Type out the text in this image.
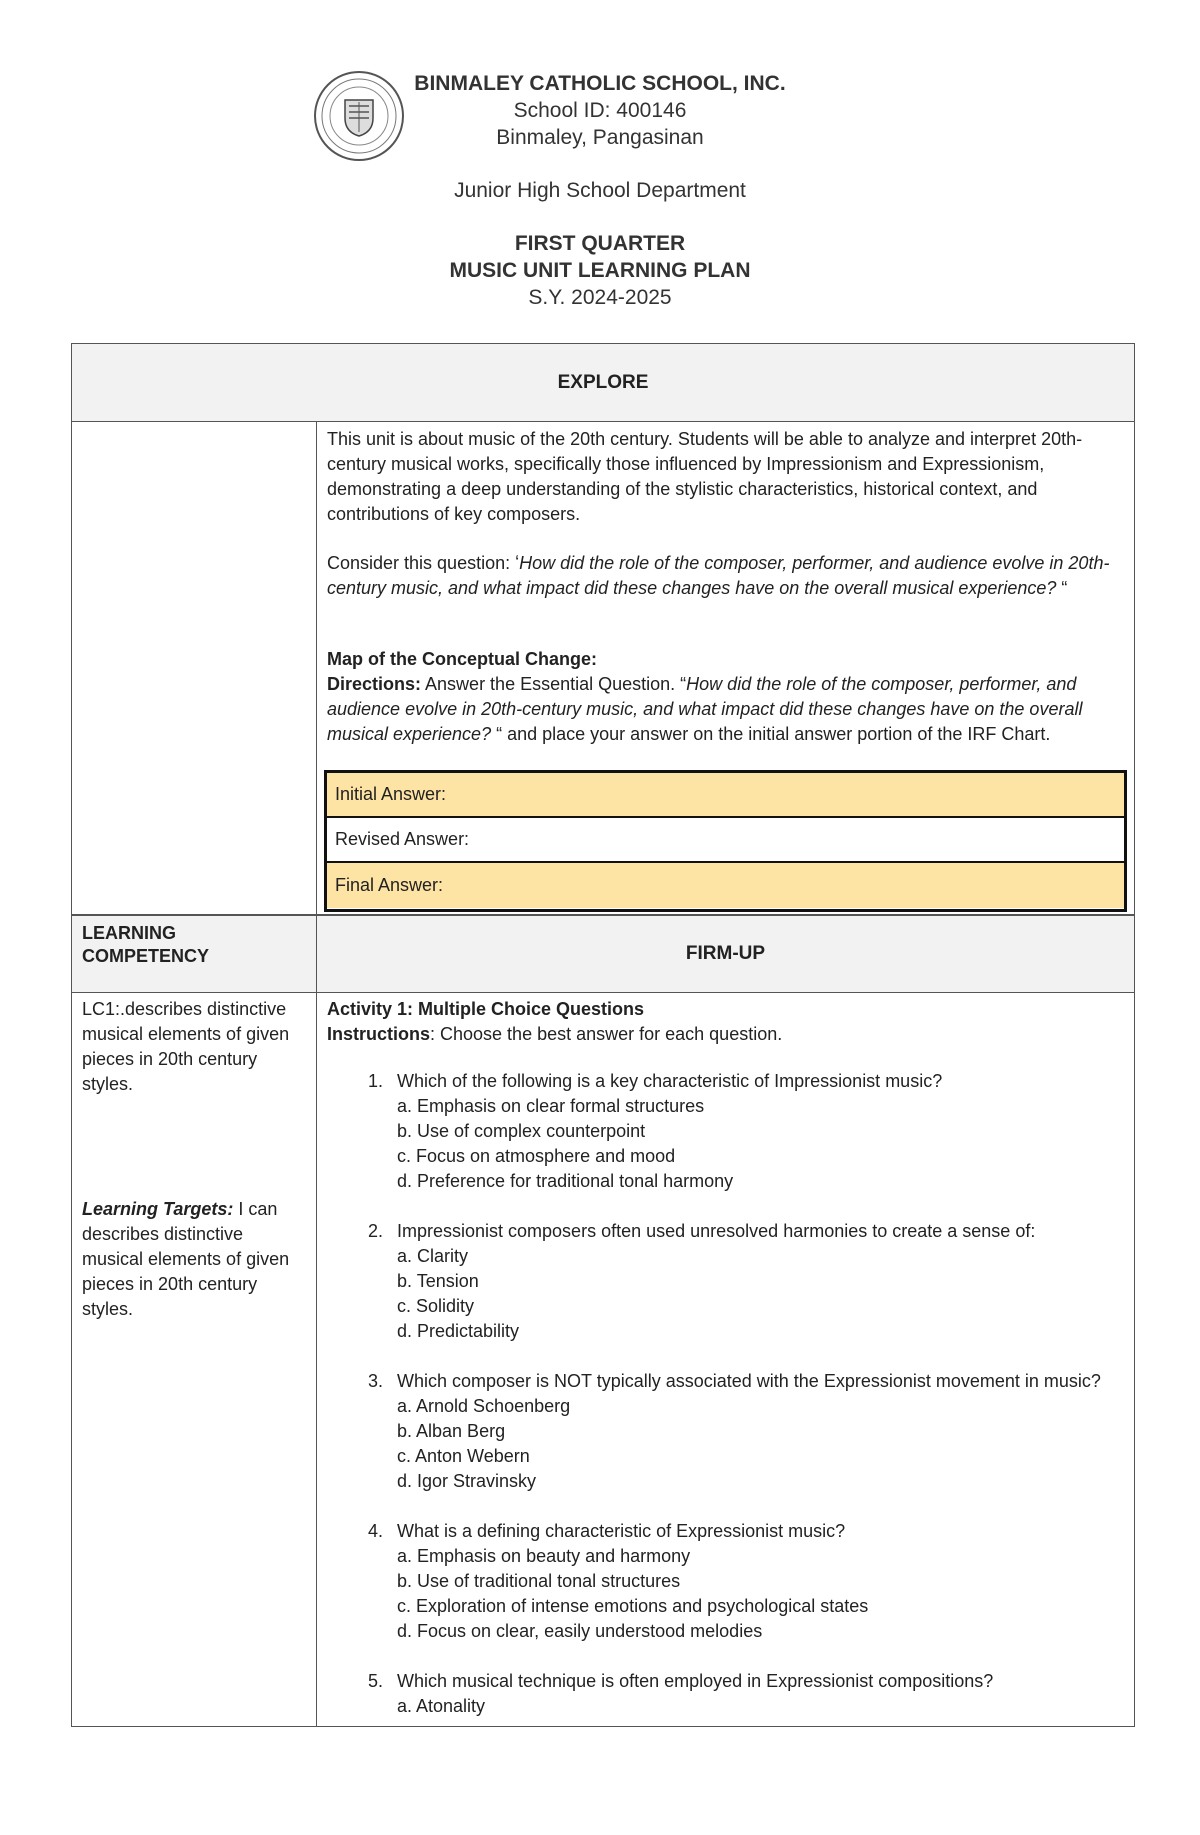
BINMALEY CATHOLIC SCHOOL, INC.
School ID: 400146
Binmaley, Pangasinan
Junior High School Department
FIRST QUARTER
MUSIC UNIT LEARNING PLAN
S.Y. 2024-2025
EXPLORE

This unit is about music of the 20th century. Students will be able to analyze and interpret 20th-century musical works, specifically those influenced by Impressionism and Expressionism, demonstrating a deep understanding of the stylistic characteristics, historical context, and contributions of key composers.

Consider this question: ʻHow did the role of the composer, performer, and audience evolve in 20th-century music, and what impact did these changes have on the overall musical experience? “

Map of the Conceptual Change:

Directions: Answer the Essential Question. “How did the role of the composer, performer, and audience evolve in 20th-century music, and what impact did these changes have on the overall musical experience? “ and place your answer on the initial answer portion of the IRF Chart.

Initial Answer:
Revised Answer:
Final Answer:
LEARNING COMPETENCY	FIRM-UP

LC1:.describes distinctive musical elements of given pieces in 20th century styles.

Learning Targets: I can describes distinctive musical elements of given pieces in 20th century styles.

Activity 1: Multiple Choice Questions

Instructions: Choose the best answer for each question.

1. Which of the following is a key characteristic of Impressionist music?
a. Emphasis on clear formal structures
b. Use of complex counterpoint
c. Focus on atmosphere and mood
d. Preference for traditional tonal harmony
2. Impressionist composers often used unresolved harmonies to create a sense of:
a. Clarity
b. Tension
c. Solidity
d. Predictability
3. Which composer is NOT typically associated with the Expressionist movement in music?
a. Arnold Schoenberg
b. Alban Berg
c. Anton Webern
d. Igor Stravinsky
4. What is a defining characteristic of Expressionist music?
a. Emphasis on beauty and harmony
b. Use of traditional tonal structures
c. Exploration of intense emotions and psychological states
d. Focus on clear, easily understood melodies
5. Which musical technique is often employed in Expressionist compositions?
a. Atonality
